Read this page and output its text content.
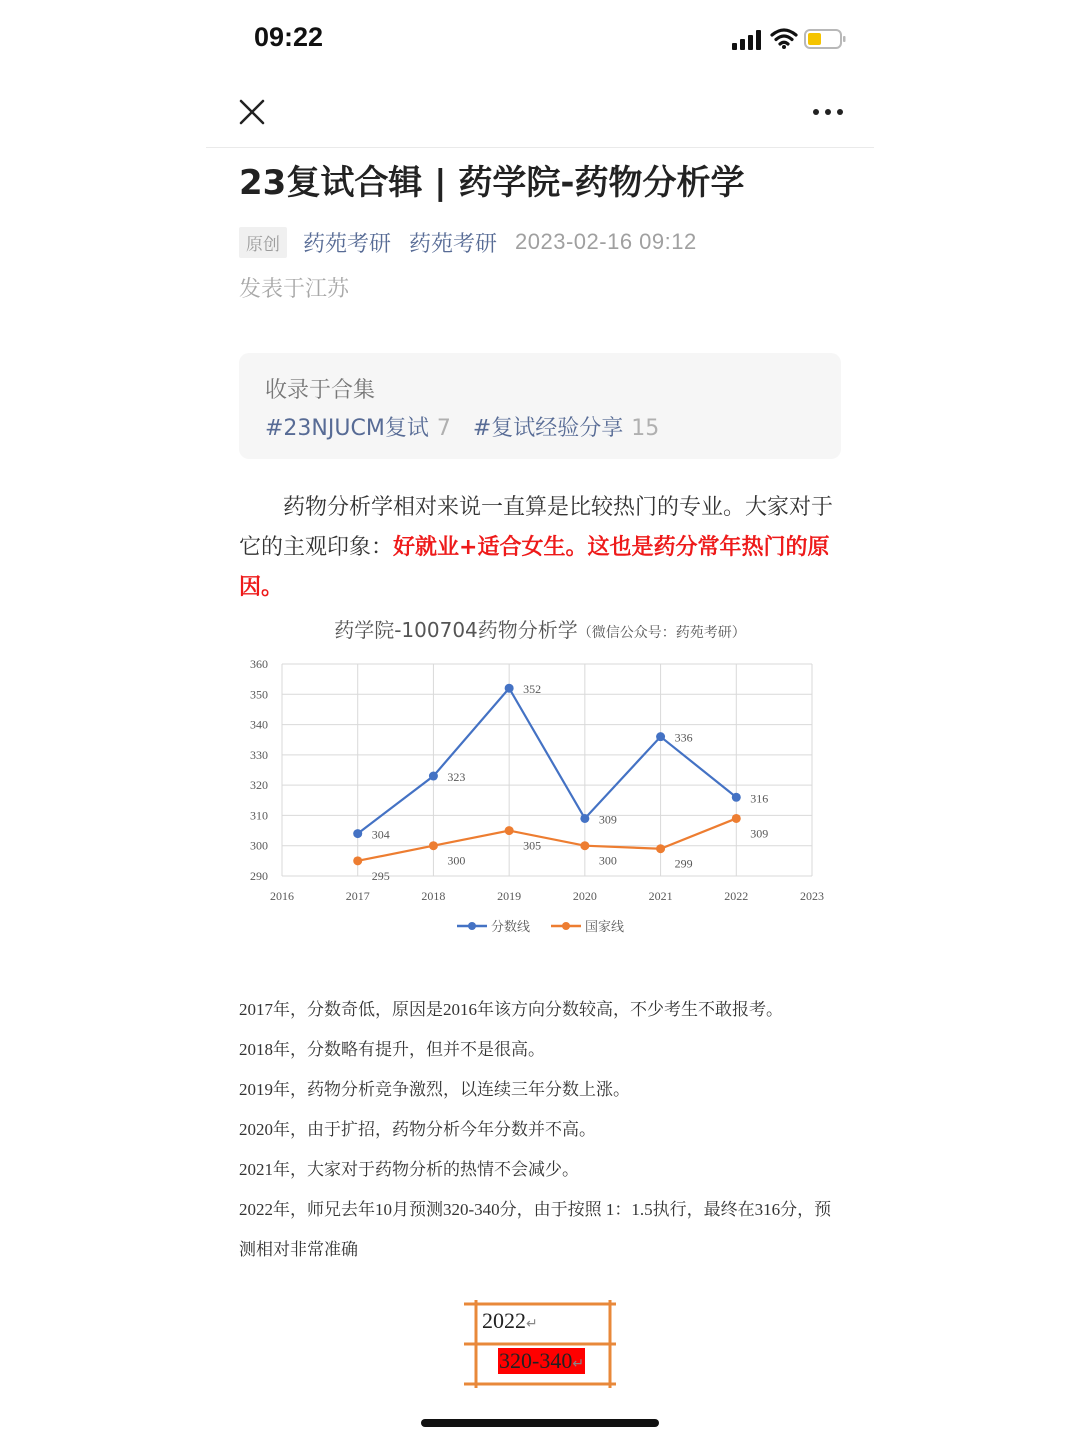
09:22
23复试合辑 | 药学院-药物分析学
原创	药苑考研 药苑考研 2023-02-16 09:12
发表于江苏
收录于合集
#23NJUCM复试 7 #复试经验分享 15

药物分析学相对来说一直算是比较热门的专业。大家对于它的主观印象：好就业+适合女生。这也是药分常年热门的原因。

290
300
310
320
330
340
350
360
2016	2017	2018	2019	2020	2021	2022	2023
304
323
352
309
336
316
295
300
305
300	299
309
分数线	国家线
药学院-100704药物分析学（微信公众号：药苑考研）
2017年，分数奇低，原因是2016年该方向分数较高，不少考生不敢报考。
2018年，分数略有提升，但并不是很高。
2019年，药物分析竞争激烈，以连续三年分数上涨。
2020年，由于扩招，药物分析今年分数并不高。
2021年，大家对于药物分析的热情不会减少。
2022年，师兄去年10月预测320-340分，由于按照 1：1.5执行，最终在316分，预测相对非常准确
2022↵
320-340↵
